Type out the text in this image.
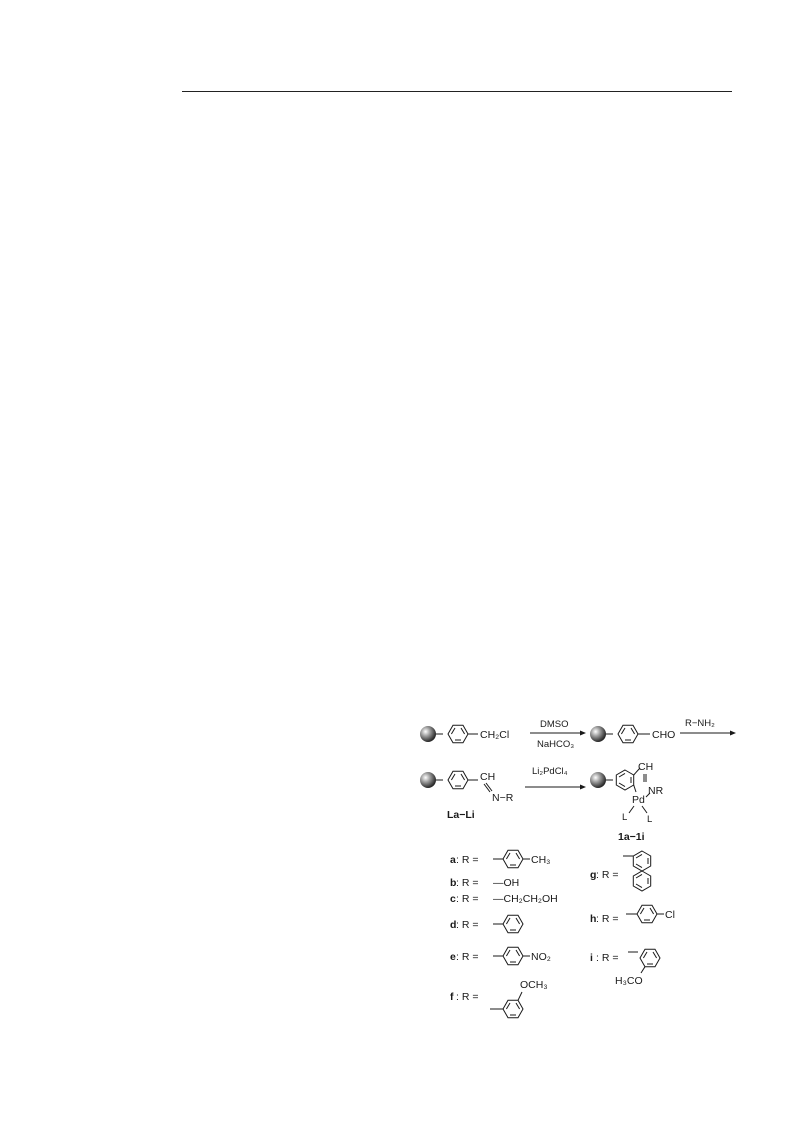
CH₂Cl
DMSO
NaHCO₃
CHO
R−NH₂
CH
N−R
La−Li
Li₂PdCl₄	CH
NR
Pd
L L
1a−1i
a : R =	CH₃
b : R = —OH
c : R = —CH₂CH₂OH
d : R =
e : R =	NO₂
f : R =
OCH₃
g : R =
h : R =	Cl
i : R =
H₃CO
